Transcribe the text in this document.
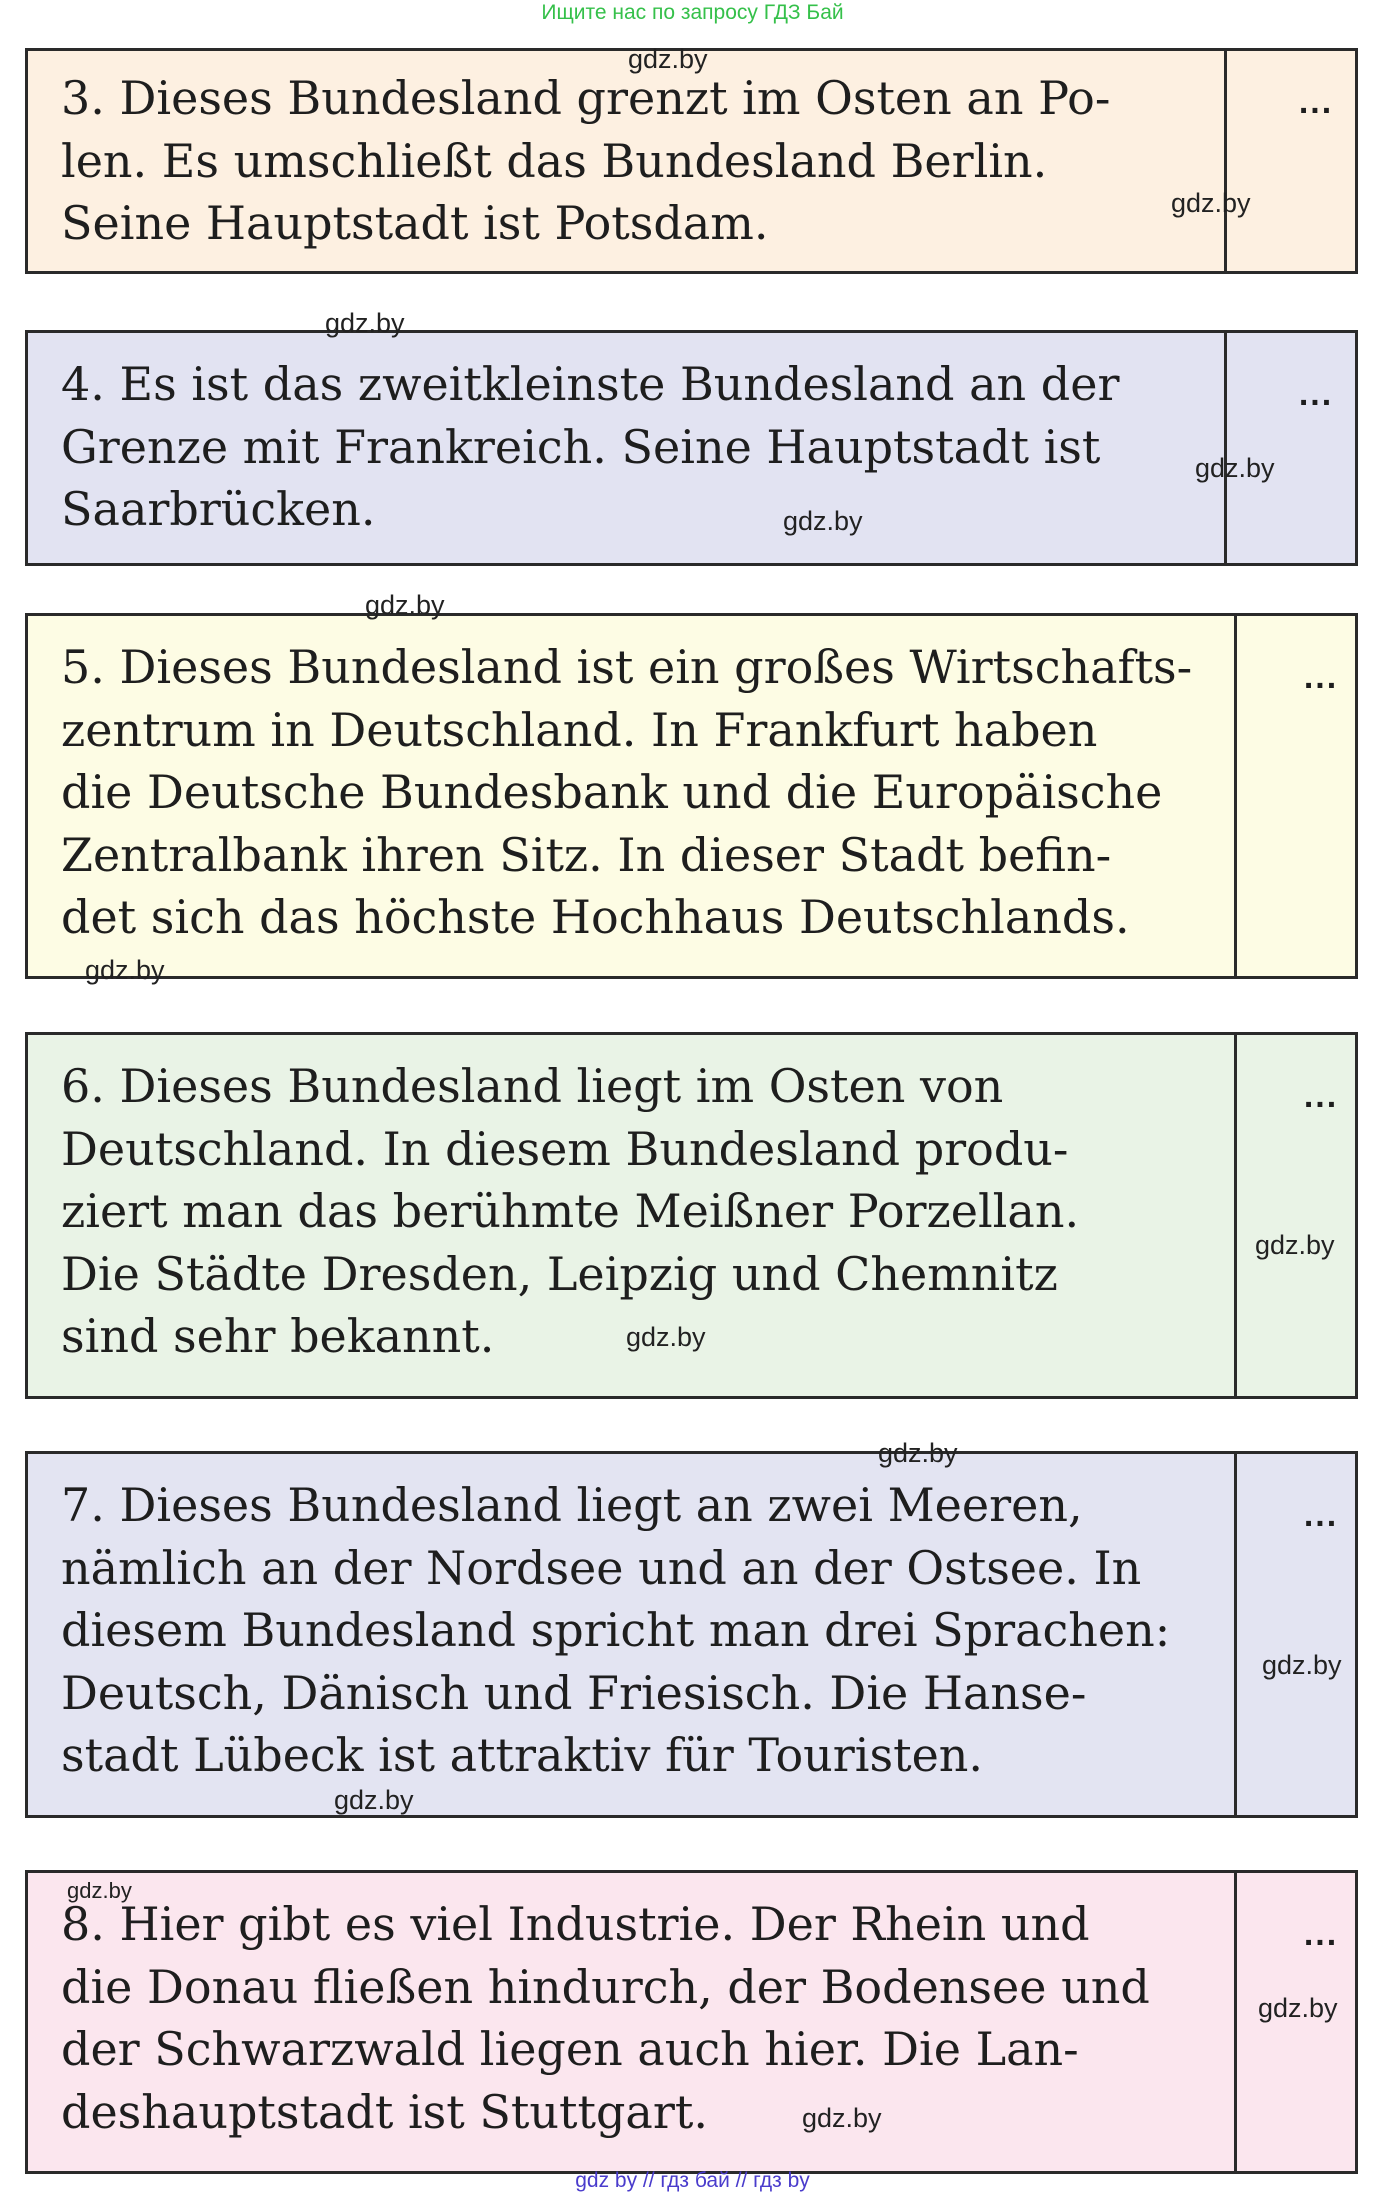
Ищите нас по запросу ГДЗ Бай
3. Dieses Bundesland grenzt im Osten an Po-
len. Es umschließt das Bundesland Berlin.
Seine Hauptstadt ist Potsdam.
...
4. Es ist das zweitkleinste Bundesland an der
Grenze mit Frankreich. Seine Hauptstadt ist
Saarbrücken.
...
5. Dieses Bundesland ist ein großes Wirtschafts-
zentrum in Deutschland. In Frankfurt haben
die Deutsche Bundesbank und die Europäische
Zentralbank ihren Sitz. In dieser Stadt befin-
det sich das höchste Hochhaus Deutschlands.
...
6. Dieses Bundesland liegt im Osten von
Deutschland. In diesem Bundesland produ-
ziert man das berühmte Meißner Porzellan.
Die Städte Dresden, Leipzig und Chemnitz
sind sehr bekannt.
...
7. Dieses Bundesland liegt an zwei Meeren,
nämlich an der Nordsee und an der Ostsee. In
diesem Bundesland spricht man drei Sprachen:
Deutsch, Dänisch und Friesisch. Die Hanse-
stadt Lübeck ist attraktiv für Touristen.
...
8. Hier gibt es viel Industrie. Der Rhein und
die Donau fließen hindurch, der Bodensee und
der Schwarzwald liegen auch hier. Die Lan-
deshauptstadt ist Stuttgart.
...
gdz.by
gdz.by
gdz.by
gdz.by
gdz.by
gdz.by
gdz.by
gdz.by
gdz.by
gdz.by
gdz.by
gdz.by
gdz.by
gdz.by
gdz.by
gdz by // гдз бай // гдз by
